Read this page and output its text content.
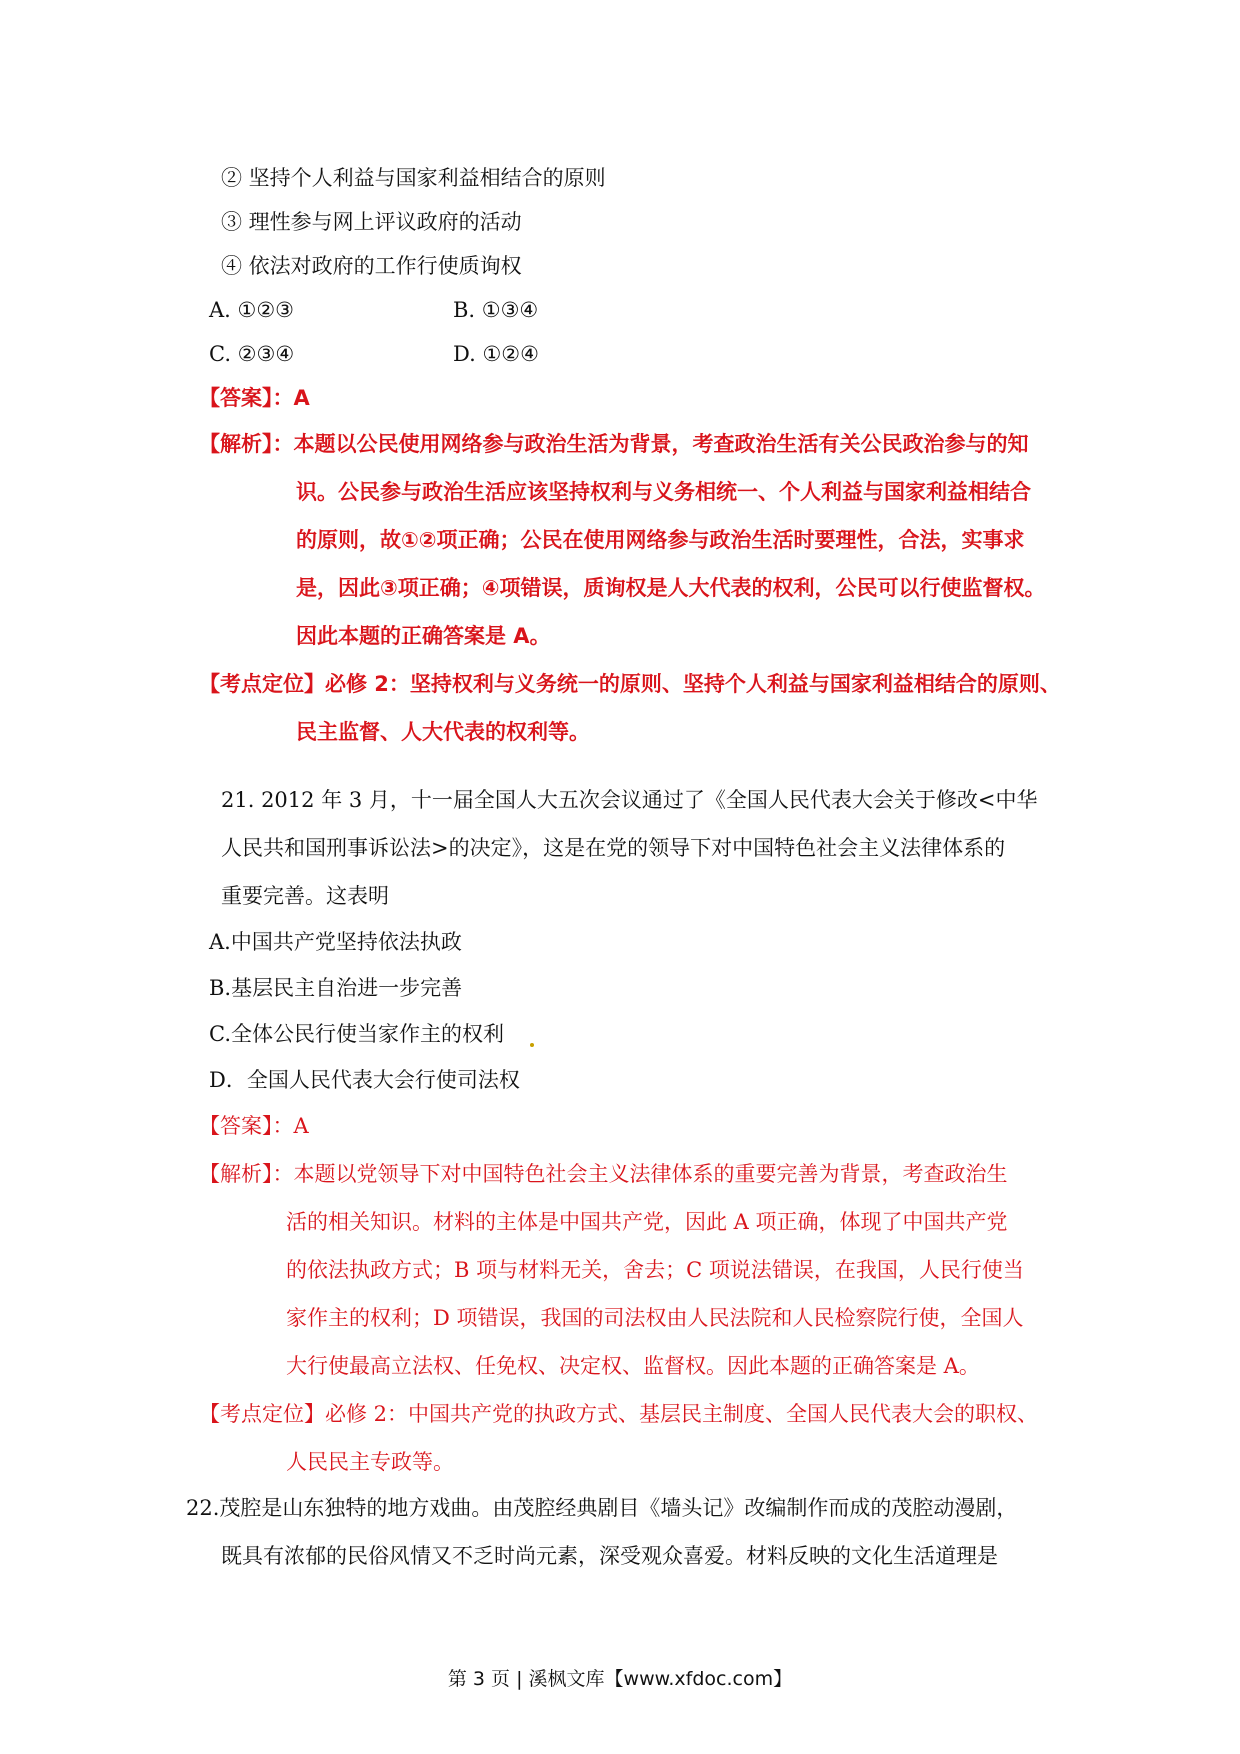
② 坚持个人利益与国家利益相结合的原则
③ 理性参与网上评议政府的活动
④ 依法对政府的工作行使质询权
A. ①②③	B. ①③④
C. ②③④	D. ①②④
【答案】：A
【解析】：本题以公民使用网络参与政治生活为背景，考查政治生活有关公民政治参与的知
识。公民参与政治生活应该坚持权利与义务相统一、个人利益与国家利益相结合
的原则，故①②项正确；公民在使用网络参与政治生活时要理性，合法，实事求
是，因此③项正确；④项错误，质询权是人大代表的权利，公民可以行使监督权。
因此本题的正确答案是 A。
【考点定位】必修 2：坚持权利与义务统一的原则、坚持个人利益与国家利益相结合的原则、
民主监督、人大代表的权利等。
21. 2012 年 3 月，十一届全国人大五次会议通过了《全国人民代表大会关于修改<中华
人民共和国刑事诉讼法>的决定》，这是在党的领导下对中国特色社会主义法律体系的
重要完善。这表明
A.中国共产党坚持依法执政
B.基层民主自治进一步完善
C.全体公民行使当家作主的权利
D．全国人民代表大会行使司法权
【答案】：A
【解析】：本题以党领导下对中国特色社会主义法律体系的重要完善为背景，考查政治生
活的相关知识。材料的主体是中国共产党，因此 A 项正确，体现了中国共产党
的依法执政方式；B 项与材料无关，舍去；C 项说法错误，在我国，人民行使当
家作主的权利；D 项错误，我国的司法权由人民法院和人民检察院行使，全国人
大行使最高立法权、任免权、决定权、监督权。因此本题的正确答案是 A。
【考点定位】必修 2：中国共产党的执政方式、基层民主制度、全国人民代表大会的职权、
人民民主专政等。
22.茂腔是山东独特的地方戏曲。由茂腔经典剧目《墙头记》改编制作而成的茂腔动漫剧，
既具有浓郁的民俗风情又不乏时尚元素，深受观众喜爱。材料反映的文化生活道理是
第 3 页 | 溪枫文库【www.xfdoc.com】
